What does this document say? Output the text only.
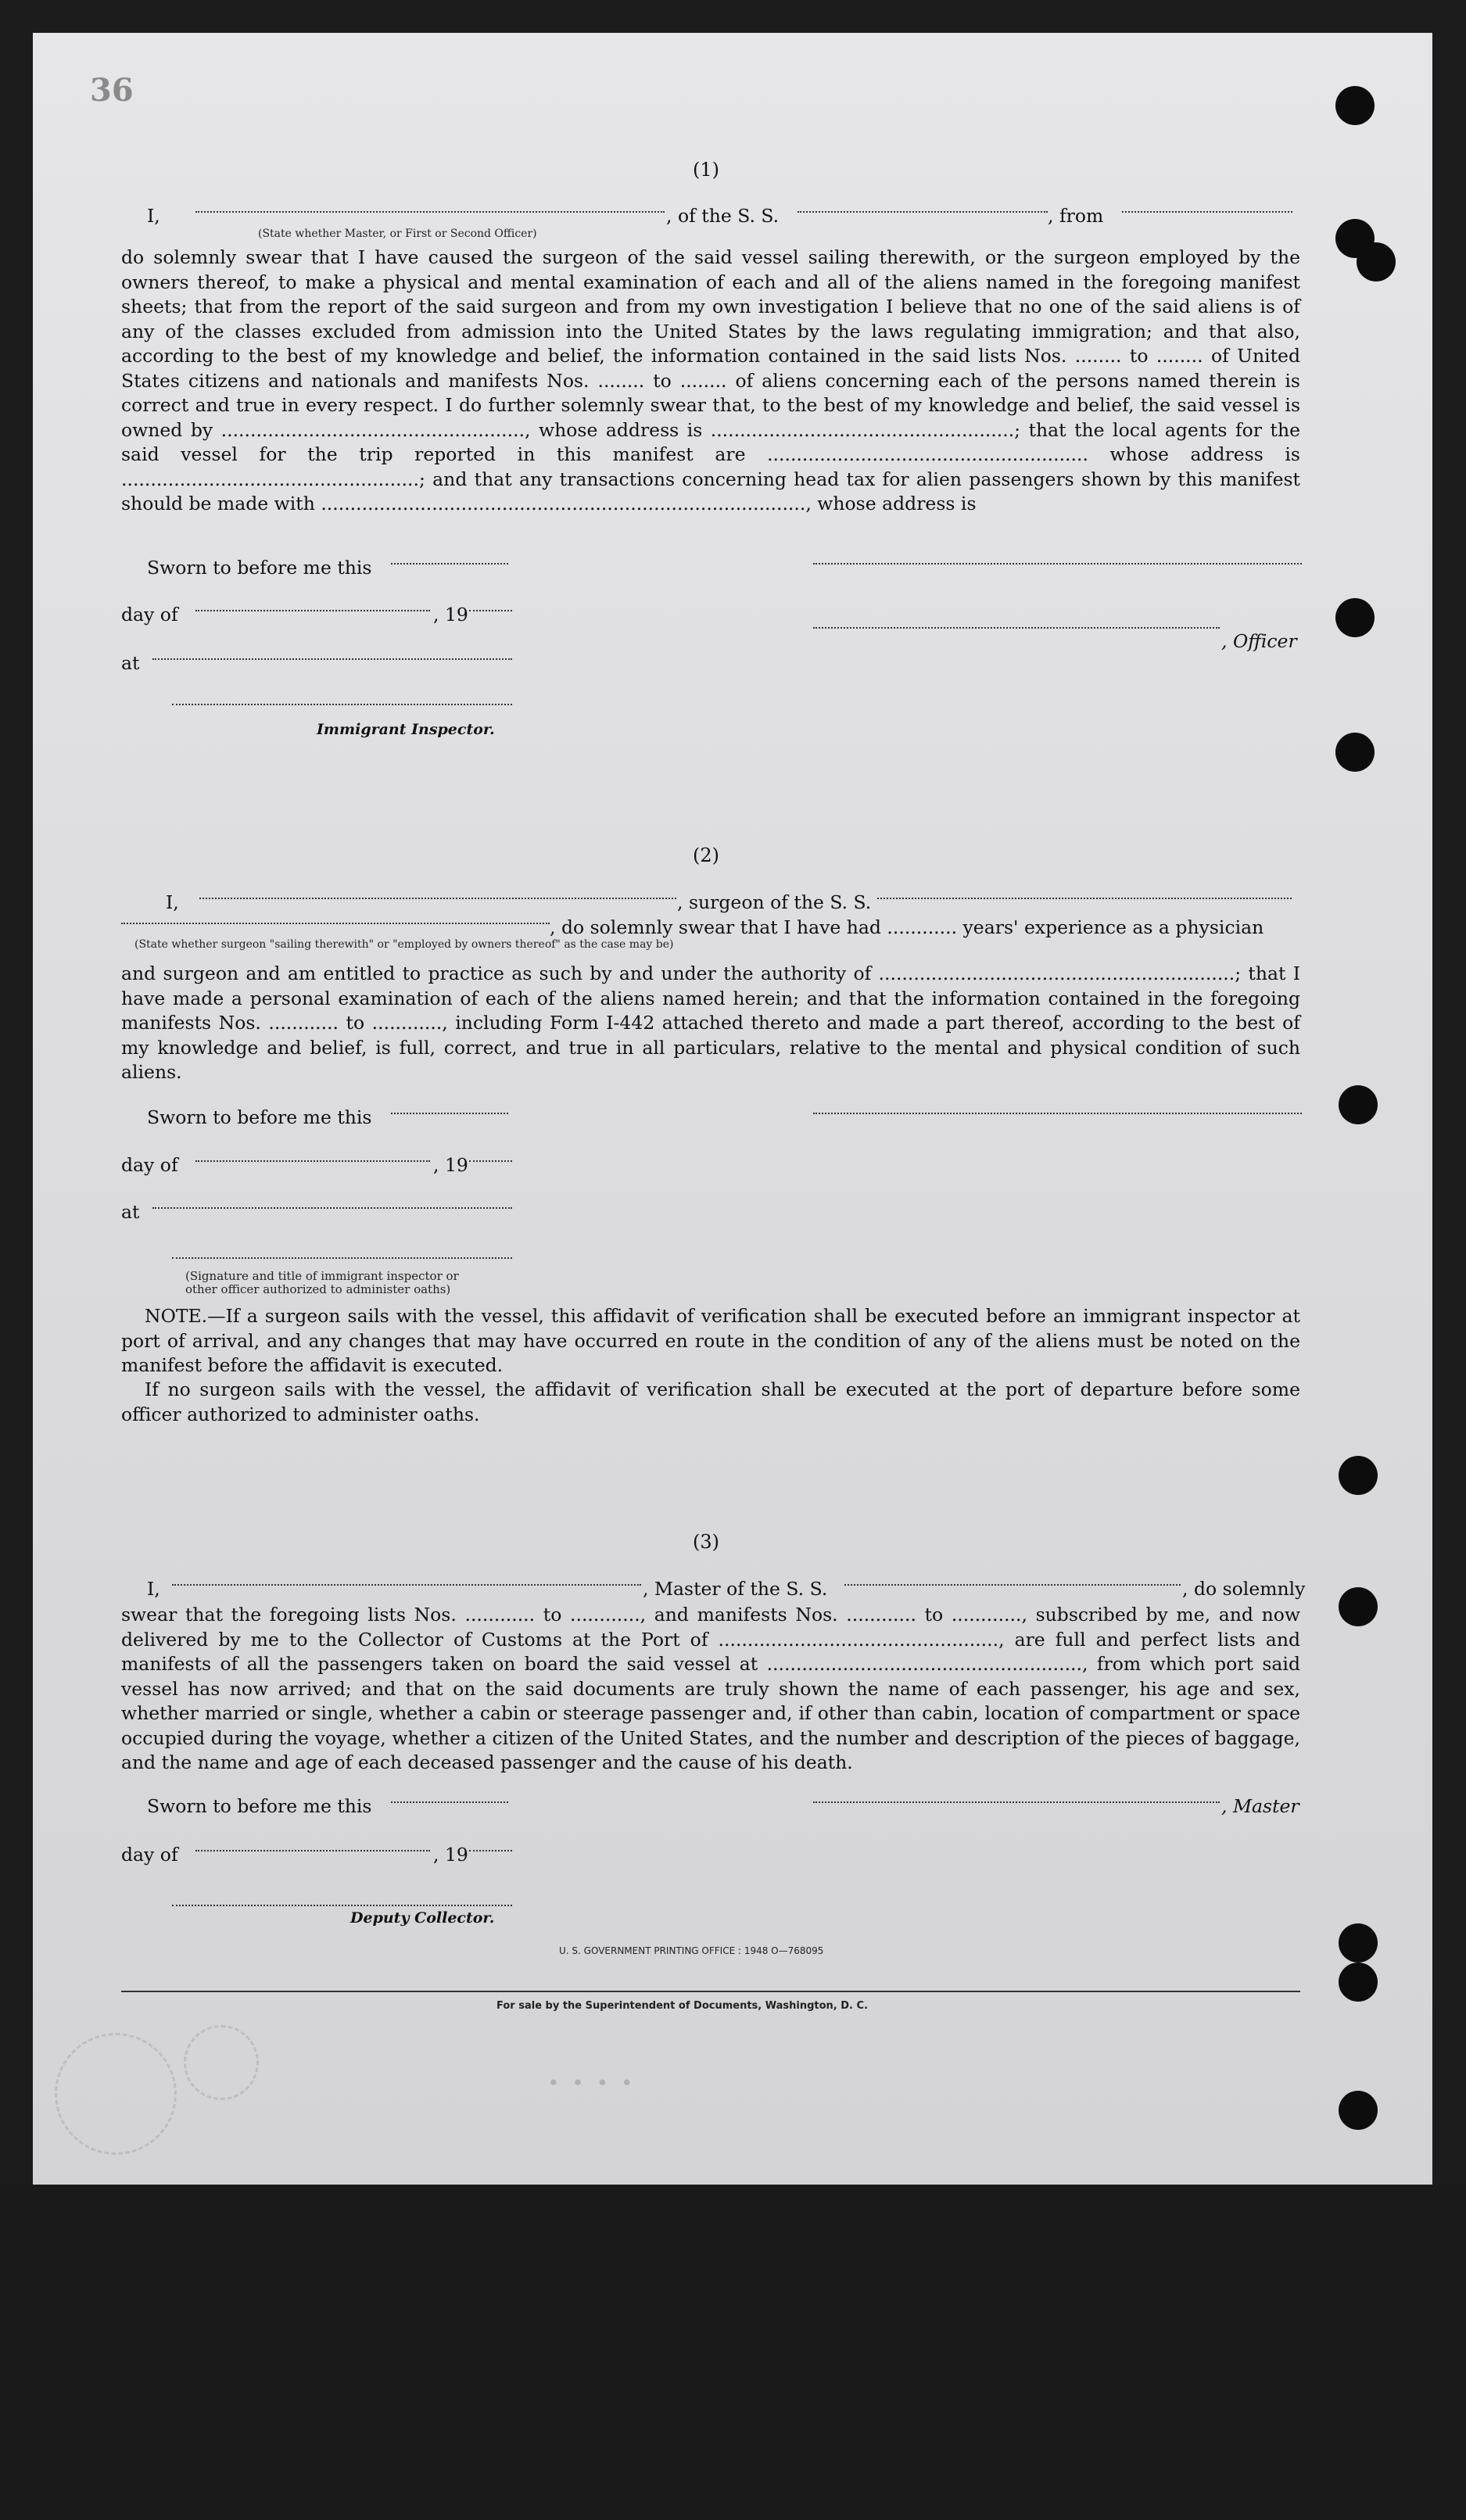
• • • •
36
(1)
I,
(State whether Master, or First or Second Officer)
, of the S. S.	, from
do solemnly swear that I have caused the surgeon of the said vessel sailing therewith, or the surgeon employed by the owners thereof, to make a physical and mental examination of each and all of the aliens named in the foregoing manifest sheets; that from the report of the said surgeon and from my own investigation I believe that no one of the said aliens is of any of the classes excluded from admission into the United States by the laws regulating immigration; and that also, according to the best of my knowledge and belief, the information contained in the said lists Nos. ........ to ........ of United States citizens and nationals and manifests Nos. ........ to ........ of aliens concerning each of the persons named therein is correct and true in every respect. I do further solemnly swear that, to the best of my knowledge and belief, the said vessel is owned by ...................................................., whose address is ....................................................; that the local agents for the said vessel for the trip reported in this manifest are ....................................................... whose address is ...................................................; and that any transactions concerning head tax for alien passengers shown by this manifest should be made with ..................................................................................., whose address is
Sworn to before me this
day of	, 19
, Officer
at
Immigrant Inspector.
(2)
I,	, surgeon of the S. S.
, do solemnly swear that I have had ............ years' experience as a physician
(State whether surgeon "sailing therewith" or "employed by owners thereof" as the case may be)
and surgeon and am entitled to practice as such by and under the authority of .............................................................; that I have made a personal examination of each of the aliens named herein; and that the information contained in the foregoing manifests Nos. ............ to ............, including Form I-442 attached thereto and made a part thereof, according to the best of my knowledge and belief, is full, correct, and true in all particulars, relative to the mental and physical condition of such aliens.
Sworn to before me this
day of	, 19
at
(Signature and title of immigrant inspector or
other officer authorized to administer oaths)
NOTE.—If a surgeon sails with the vessel, this affidavit of verification shall be executed before an immigrant inspector at port of arrival, and any changes that may have occurred en route in the condition of any of the aliens must be noted on the manifest before the affidavit is executed.
If no surgeon sails with the vessel, the affidavit of verification shall be executed at the port of departure before some officer authorized to administer oaths.
(3)
I,	, Master of the S. S.	, do solemnly
swear that the foregoing lists Nos. ............ to ............, and manifests Nos. ............ to ............, subscribed by me, and now delivered by me to the Collector of Customs at the Port of ................................................, are full and perfect lists and manifests of all the passengers taken on board the said vessel at ......................................................, from which port said vessel has now arrived; and that on the said documents are truly shown the name of each passenger, his age and sex, whether married or single, whether a cabin or steerage passenger and, if other than cabin, location of compartment or space occupied during the voyage, whether a citizen of the United States, and the number and description of the pieces of baggage, and the name and age of each deceased passenger and the cause of his death.
Sworn to before me this	, Master
day of	, 19
Deputy Collector.
U. S. GOVERNMENT PRINTING OFFICE : 1948 O—768095
For sale by the Superintendent of Documents, Washington, D. C.
